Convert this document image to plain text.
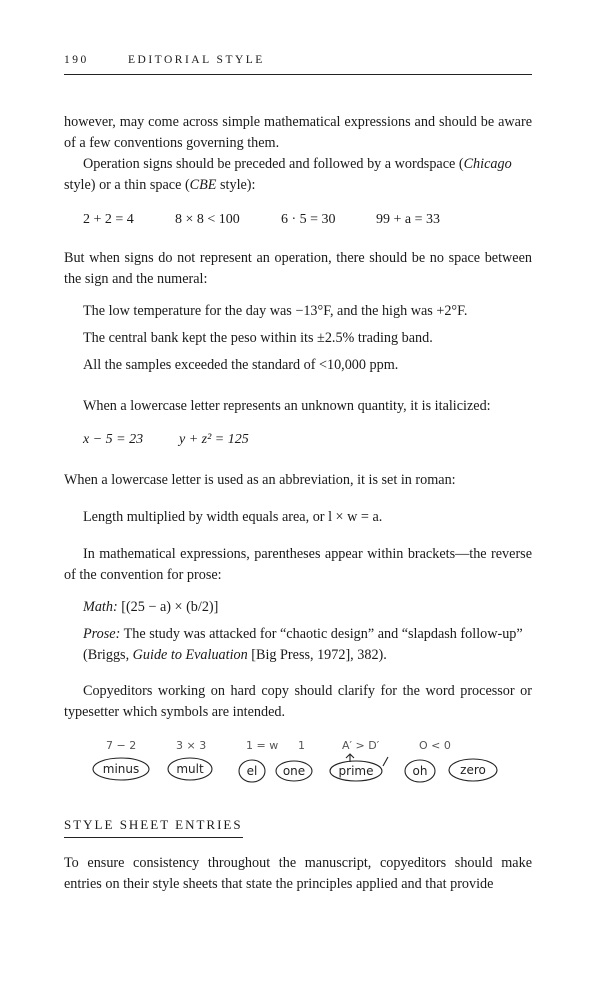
190	EDITORIAL STYLE
however, may come across simple mathematical expressions and should be aware of a few conventions governing them.
Operation signs should be preceded and followed by a wordspace (Chicago style) or a thin space (CBE style):
2 + 2 = 4	8 × 8 < 100	6 · 5 = 30	99 + a = 33
But when signs do not represent an operation, there should be no space between the sign and the numeral:
The low temperature for the day was −13°F, and the high was +2°F.
The central bank kept the peso within its ±2.5% trading band.
All the samples exceeded the standard of <10,000 ppm.
When a lowercase letter represents an unknown quantity, it is italicized:
x − 5 = 23	y + z² = 125
When a lowercase letter is used as an abbreviation, it is set in roman:
Length multiplied by width equals area, or l × w = a.
In mathematical expressions, parentheses appear within brackets—the reverse of the convention for prose:
Math: [(25 − a) × (b/2)]
Prose: The study was attacked for “chaotic design” and “slapdash follow-up” (Briggs, Guide to Evaluation [Big Press, 1972], 382).
Copyeditors working on hard copy should clarify for the word processor or typesetter which symbols are intended.
7 − 2	3 × 3	1 = w 1	A′ > D′	O < 0
minus	mult	el one	prime	oh	zero
STYLE SHEET ENTRIES
To ensure consistency throughout the manuscript, copyeditors should make entries on their style sheets that state the principles applied and that provide
